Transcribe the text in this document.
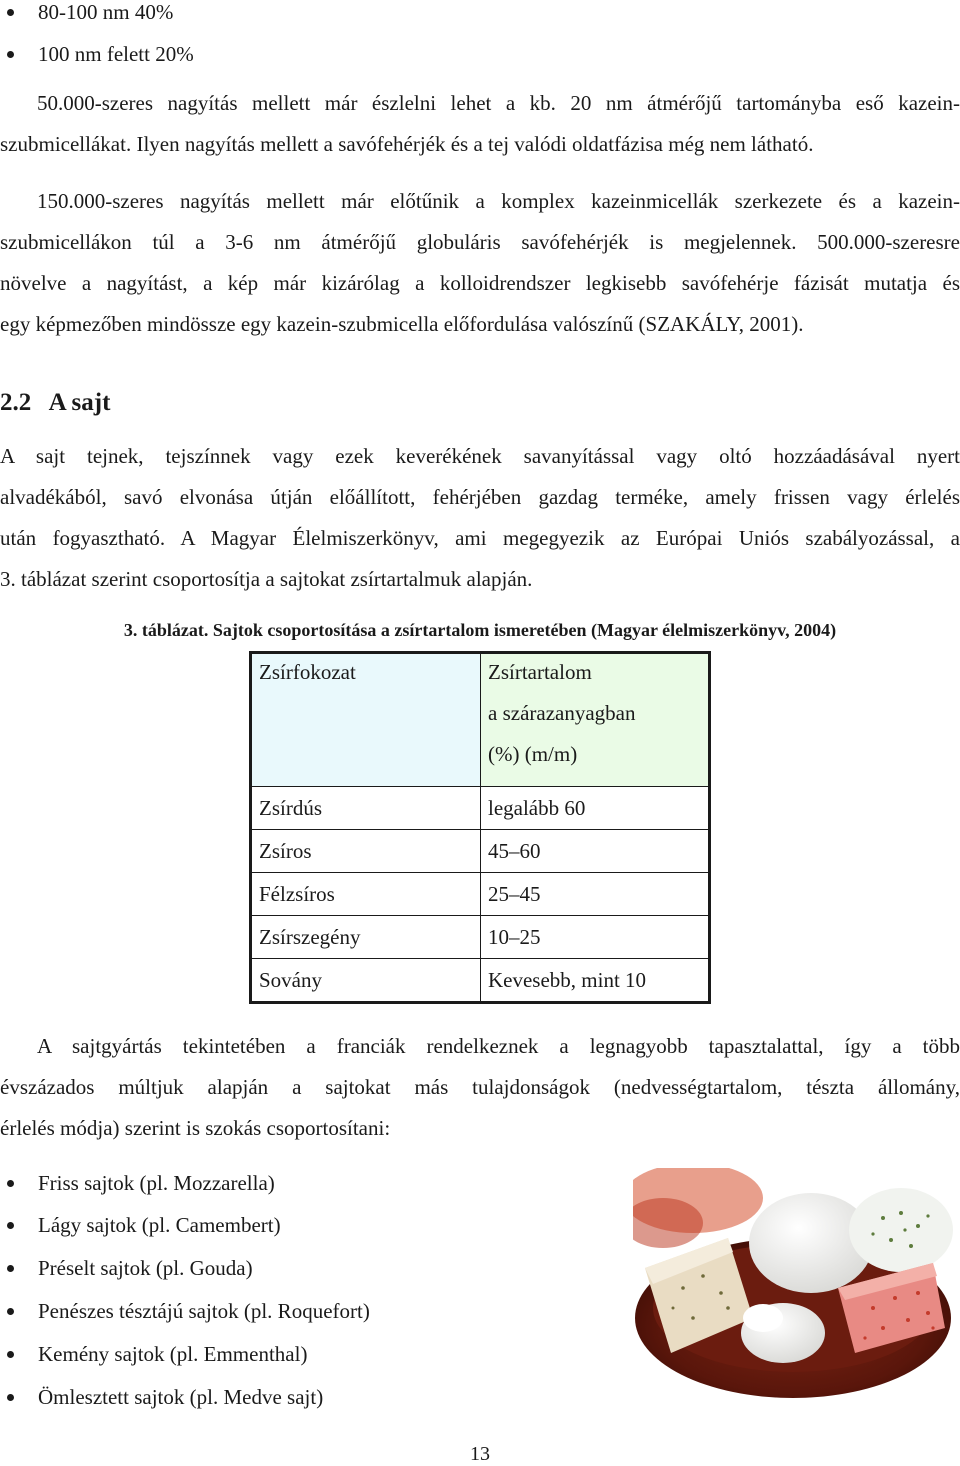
80-100 nm 40%
100 nm felett 20%
50.000-szeres nagyítás mellett már észlelni lehet a kb. 20 nm átmérőjű tartományba eső kazein-
szubmicellákat. Ilyen nagyítás mellett a savófehérjék és a tej valódi oldatfázisa még nem látható.
150.000-szeres nagyítás mellett már előtűnik a komplex kazeinmicellák szerkezete és a kazein-
szubmicellákon túl a 3-6 nm átmérőjű globuláris savófehérjék is megjelennek. 500.000-szeresre
növelve a nagyítást, a kép már kizárólag a kolloidrendszer legkisebb savófehérje fázisát mutatja és
egy képmezőben mindössze egy kazein-szubmicella előfordulása valószínű (SZAKÁLY, 2001).
2.2   A sajt
A sajt tejnek, tejszínnek vagy ezek keverékének savanyítással vagy oltó hozzáadásával nyert
alvadékából, savó elvonása útján előállított, fehérjében gazdag terméke, amely frissen vagy érlelés
után fogyasztható. A Magyar Élelmiszerkönyv, ami megegyezik az Európai Uniós szabályozással, a
3. táblázat szerint csoportosítja a sajtokat zsírtartalmuk alapján.
3. táblázat. Sajtok csoportosítása a zsírtartalom ismeretében (Magyar élelmiszerkönyv, 2004)
Zsírfokozat	Zsírtartalom
a szárazanyagban
(%) (m/m)

Zsírdús	legalább 60
Zsíros	45–60
Félzsíros	25–45
Zsírszegény	10–25
Sovány	Kevesebb, mint 10
A sajtgyártás tekintetében a franciák rendelkeznek a legnagyobb tapasztalattal, így a több
évszázados múltjuk alapján a sajtokat más tulajdonságok (nedvességtartalom, tészta állomány,
érlelés módja) szerint is szokás csoportosítani:
Friss sajtok (pl. Mozzarella)
Lágy sajtok (pl. Camembert)
Préselt sajtok (pl. Gouda)
Penészes tésztájú sajtok (pl. Roquefort)
Kemény sajtok (pl. Emmenthal)
Ömlesztett sajtok (pl. Medve sajt)
13
